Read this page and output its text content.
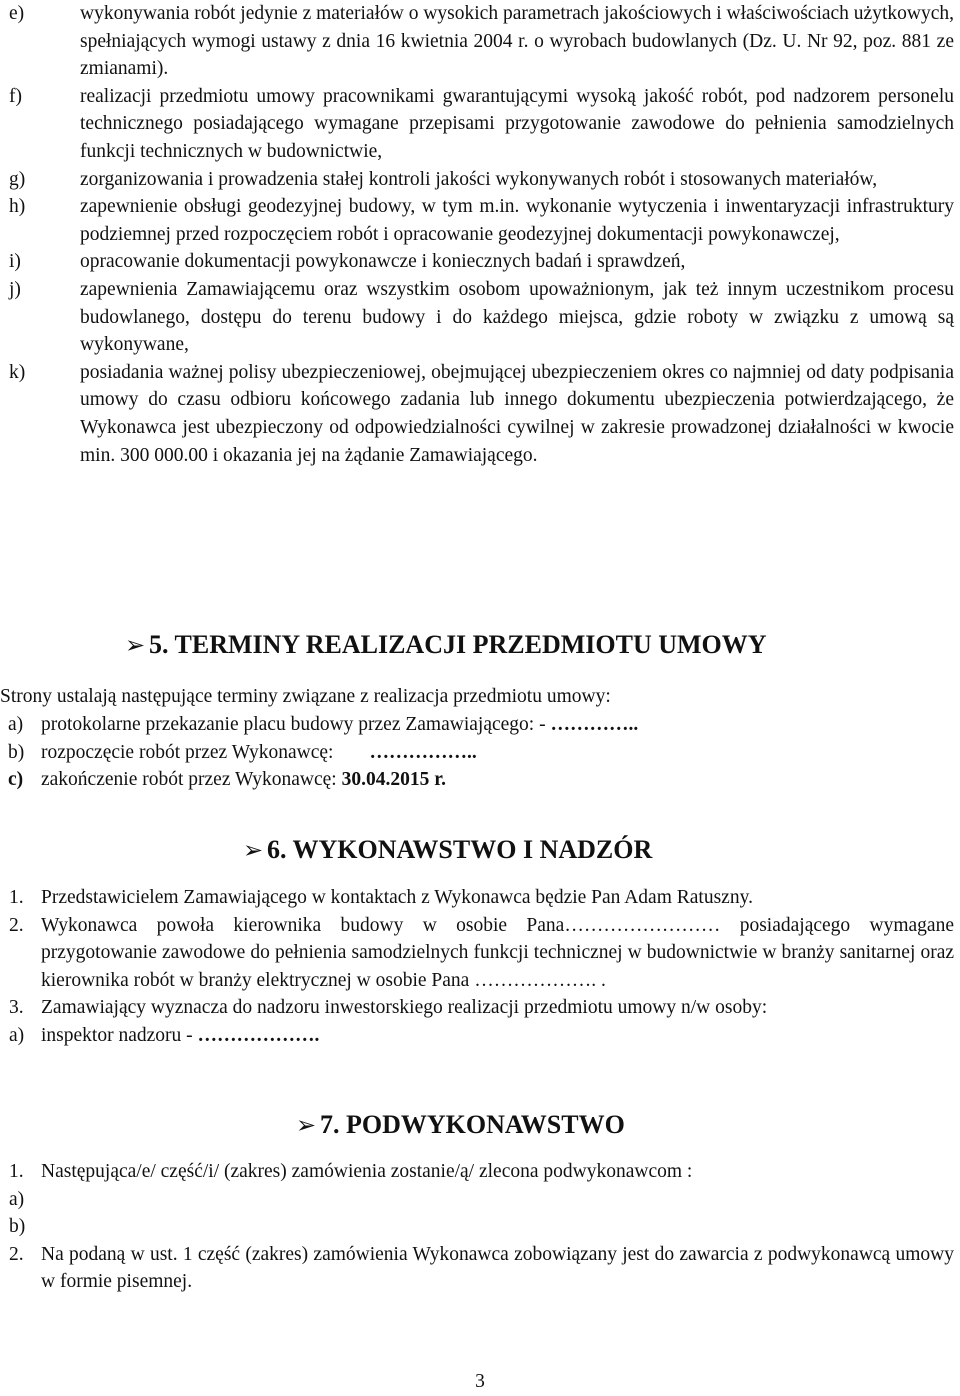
e)	wykonywania robót jedynie z materiałów o wysokich parametrach jakościowych i właściwościach użytkowych, spełniających wymogi ustawy z dnia 16 kwietnia 2004 r. o wyrobach budowlanych (Dz. U. Nr 92, poz. 881 ze zmianami).
f)	realizacji przedmiotu umowy pracownikami gwarantującymi wysoką jakość robót, pod nadzorem personelu technicznego posiadającego wymagane przepisami przygotowanie zawodowe do pełnienia samodzielnych funkcji technicznych w budownictwie,
g)	zorganizowania i prowadzenia stałej kontroli jakości wykonywanych robót i stosowanych materiałów,
h)	zapewnienie obsługi geodezyjnej budowy, w tym m.in. wykonanie wytyczenia i inwentaryzacji infrastruktury podziemnej przed rozpoczęciem robót i opracowanie geodezyjnej dokumentacji powykonawczej,
i)	opracowanie dokumentacji powykonawcze i koniecznych badań i sprawdzeń,
j)	zapewnienia Zamawiającemu oraz wszystkim osobom upoważnionym, jak też innym uczestnikom procesu budowlanego, dostępu do terenu budowy i do każdego miejsca, gdzie roboty w związku z umową są wykonywane,
k)	posiadania ważnej polisy ubezpieczeniowej, obejmującej ubezpieczeniem okres co najmniej od daty podpisania umowy do czasu odbioru końcowego zadania lub innego dokumentu ubezpieczenia potwierdzającego, że Wykonawca jest ubezpieczony od odpowiedzialności cywilnej w zakresie prowadzonej działalności w kwocie min. 300 000.00 i okazania jej na żądanie Zamawiającego.
➢ 5. TERMINY REALIZACJI PRZEDMIOTU UMOWY
Strony ustalają następujące terminy związane z realizacja przedmiotu umowy:
a) protokolarne przekazanie placu budowy przez Zamawiającego: - …………..
b) rozpoczęcie robót przez Wykonawcę: ……………..
c) zakończenie robót przez Wykonawcę: 30.04.2015 r.
➢ 6. WYKONAWSTWO I NADZÓR
1. Przedstawicielem Zamawiającego w kontaktach z Wykonawca będzie Pan Adam Ratuszny.
2. Wykonawca powoła kierownika budowy w osobie Pana…………………… posiadającego wymagane przygotowanie zawodowe do pełnienia samodzielnych funkcji technicznej w budownictwie w branży sanitarnej oraz kierownika robót w branży elektrycznej w osobie Pana ………………. .
3. Zamawiający wyznacza do nadzoru inwestorskiego realizacji przedmiotu umowy n/w osoby:
a) inspektor nadzoru - ……………….
➢ 7. PODWYKONAWSTWO
1. Następująca/e/ część/i/ (zakres) zamówienia zostanie/ą/ zlecona podwykonawcom :
a)

b)

2. Na podaną w ust. 1 część (zakres) zamówienia Wykonawca zobowiązany jest do zawarcia z podwykonawcą umowy w formie pisemnej.
3
